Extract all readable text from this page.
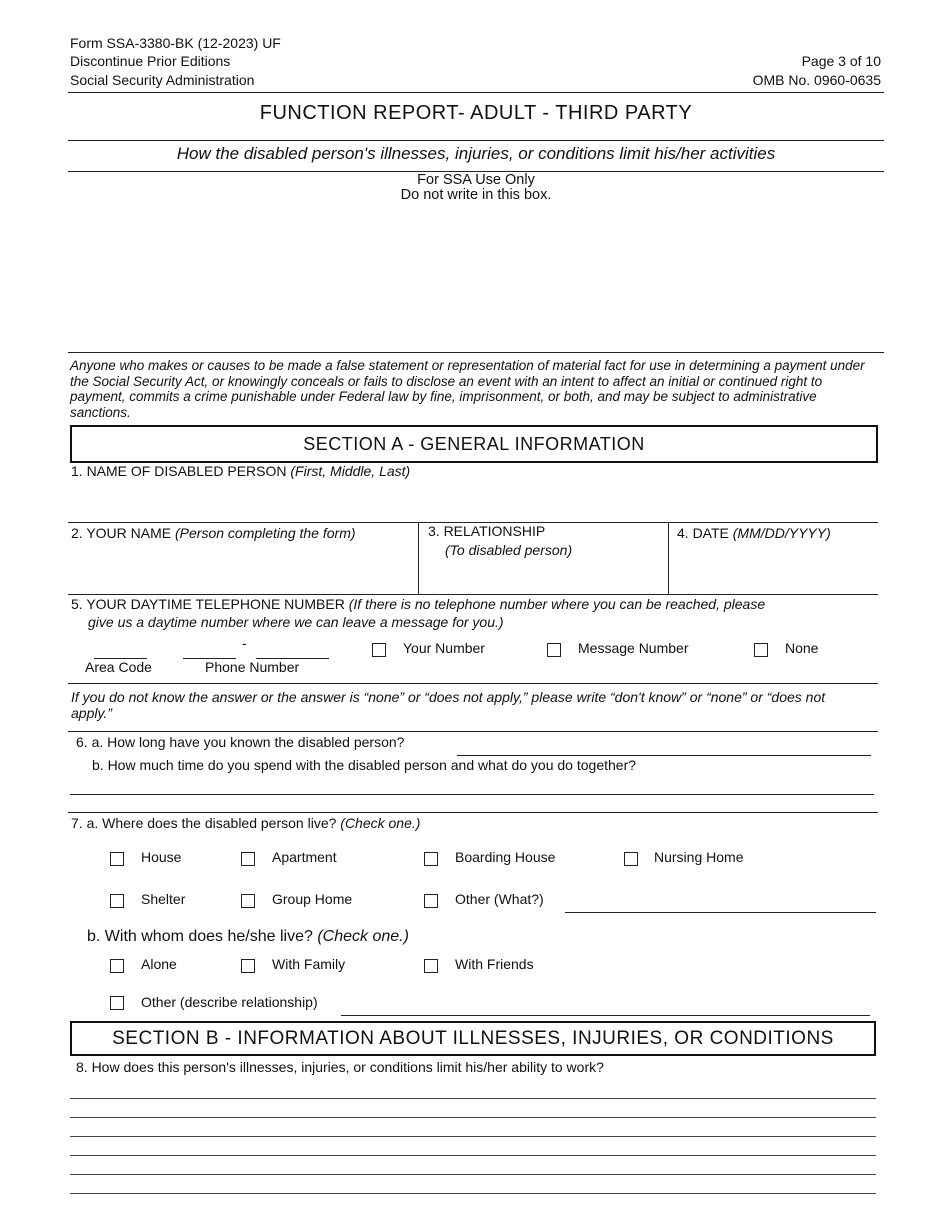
Form SSA-3380-BK (12-2023) UF
Discontinue Prior Editions
Social Security Administration
Page 3 of 10
OMB No. 0960-0635
FUNCTION REPORT- ADULT - THIRD PARTY
How the disabled person's illnesses, injuries, or conditions limit his/her activities
For SSA Use Only
Do not write in this box.
Anyone who makes or causes to be made a false statement or representation of material fact for use in determining a payment under the Social Security Act, or knowingly conceals or fails to disclose an event with an intent to affect an initial or continued right to payment, commits a crime punishable under Federal law by fine, imprisonment, or both, and may be subject to administrative sanctions.
SECTION A - GENERAL INFORMATION
1. NAME OF DISABLED PERSON (First, Middle, Last)
2. YOUR NAME (Person completing the form)	3. RELATIONSHIP
(To disabled person)
4. DATE (MM/DD/YYYY)
5. YOUR DAYTIME TELEPHONE NUMBER (If there is no telephone number where you can be reached, please
give us a daytime number where we can leave a message for you.)
-
Area Code	Phone Number
Your Number	Message Number	None
If you do not know the answer or the answer is “none” or “does not apply,” please write “don't know” or “none” or “does not apply.”
6. a. How long have you known the disabled person?
b. How much time do you spend with the disabled person and what do you do together?
7. a. Where does the disabled person live? (Check one.)
House	Apartment	Boarding House	Nursing Home
Shelter	Group Home	Other (What?)
b. With whom does he/she live? (Check one.)
Alone	With Family	With Friends
Other (describe relationship)
SECTION B - INFORMATION ABOUT ILLNESSES, INJURIES, OR CONDITIONS
8. How does this person's illnesses, injuries, or conditions limit his/her ability to work?
